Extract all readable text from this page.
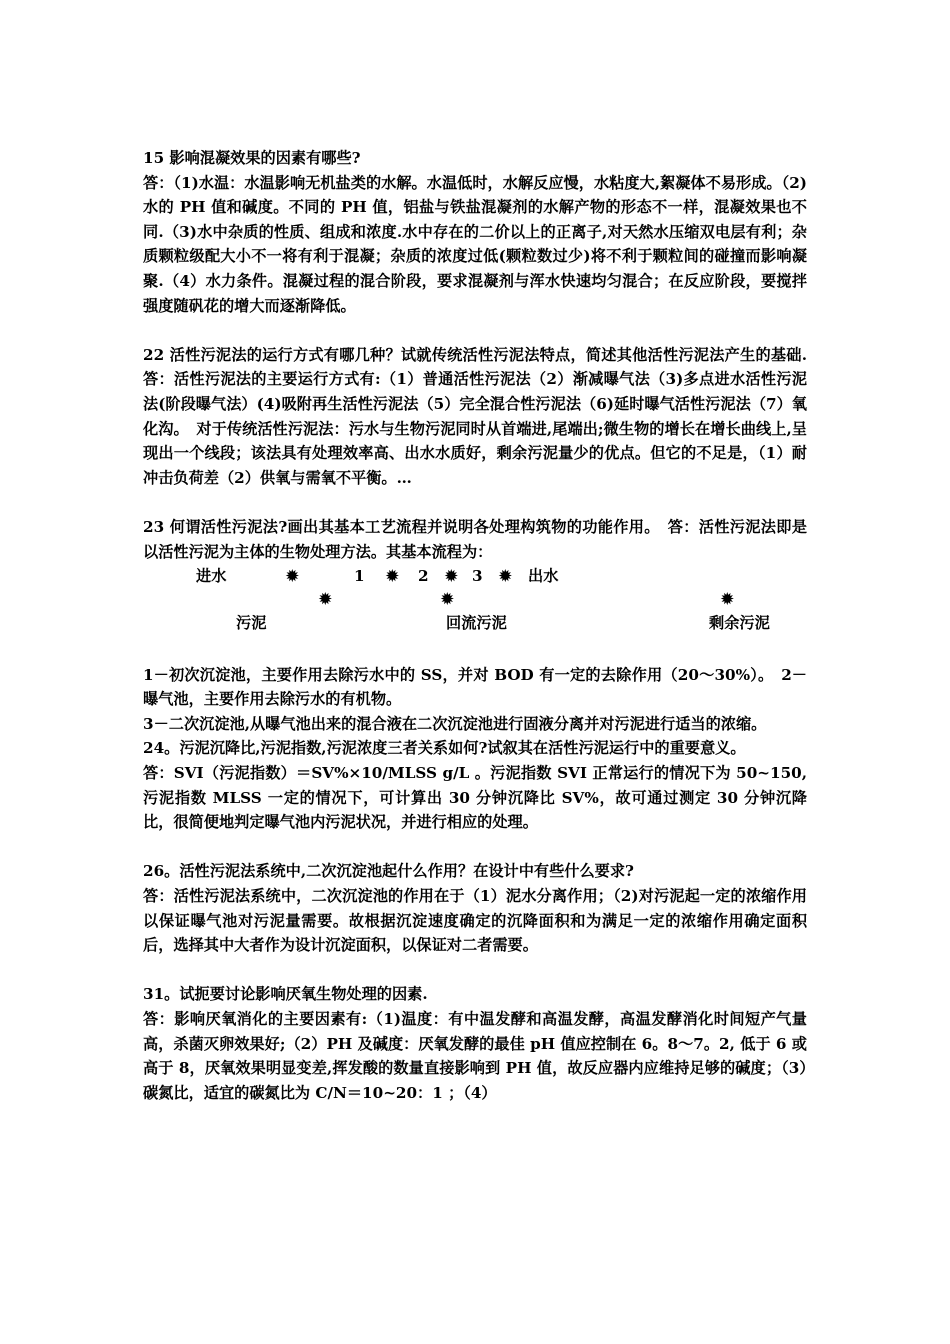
15 影响混凝效果的因素有哪些?

答：（1)水温：水温影响无机盐类的水解。水温低时，水解反应慢，水粘度大,絮凝体不易形成。（2)水的 PH 值和碱度。不同的 PH 值，铝盐与铁盐混凝剂的水解产物的形态不一样，混凝效果也不同.（3)水中杂质的性质、组成和浓度.水中存在的二价以上的正离子,对天然水压缩双电层有利；杂质颗粒级配大小不一将有利于混凝；杂质的浓度过低(颗粒数过少)将不利于颗粒间的碰撞而影响凝聚.（4）水力条件。混凝过程的混合阶段，要求混凝剂与浑水快速均匀混合；在反应阶段，要搅拌强度随矾花的增大而逐渐降低。

22 活性污泥法的运行方式有哪几种？试就传统活性污泥法特点，简述其他活性污泥法产生的基础. 答：活性污泥法的主要运行方式有:（1）普通活性污泥法（2）渐减曝气法（3)多点进水活性污泥法(阶段曝气法）(4)吸附再生活性污泥法（5）完全混合性污泥法（6)延时曝气活性污泥法（7）氧化沟。　对于传统活性污泥法：污水与生物污泥同时从首端进,尾端出;微生物的增长在增长曲线上,呈现出一个线段；该法具有处理效率高、出水水质好，剩余污泥量少的优点。但它的不足是，（1）耐冲击负荷差（2）供氧与需氧不平衡。…

23 何谓活性污泥法?画出其基本工艺流程并说明各处理构筑物的功能作用。　答：活性污泥法即是以活性污泥为主体的生物处理方法。其基本流程为：

进水	✹	1 ✹ 2 ✹ 3 ✹ 出水
✹	✹	✹
污泥	回流污泥	剩余污泥

1－初次沉淀池，主要作用去除污水中的 SS，并对 BOD 有一定的去除作用（20～30%）。　2－曝气池，主要作用去除污水的有机物。

3－二次沉淀池,从曝气池出来的混合液在二次沉淀池进行固液分离并对污泥进行适当的浓缩。

24。污泥沉降比,污泥指数,污泥浓度三者关系如何?试叙其在活性污泥运行中的重要意义。

答：SVI（污泥指数）＝SV%×10/MLSS g/L 。污泥指数 SVI 正常运行的情况下为 50~150,污泥指数 MLSS 一定的情况下，可计算出 30 分钟沉降比 SV%，故可通过测定 30 分钟沉降比，很简便地判定曝气池内污泥状况，并进行相应的处理。

26。活性污泥法系统中,二次沉淀池起什么作用？在设计中有些什么要求?

答：活性污泥法系统中，二次沉淀池的作用在于（1）泥水分离作用；（2)对污泥起一定的浓缩作用以保证曝气池对污泥量需要。故根据沉淀速度确定的沉降面积和为满足一定的浓缩作用确定面积后，选择其中大者作为设计沉淀面积，以保证对二者需要。

31。试扼要讨论影响厌氧生物处理的因素.

答：影响厌氧消化的主要因素有:（1)温度：有中温发酵和高温发酵，高温发酵消化时间短产气量高，杀菌灭卵效果好;（2）PH 及碱度：厌氧发酵的最佳 pH 值应控制在 6。8～7。2, 低于 6 或高于 8，厌氧效果明显变差,挥发酸的数量直接影响到 PH 值，故反应器内应维持足够的碱度；（3）碳氮比，适宜的碳氮比为 C/N＝10~20：1 ；（4）
